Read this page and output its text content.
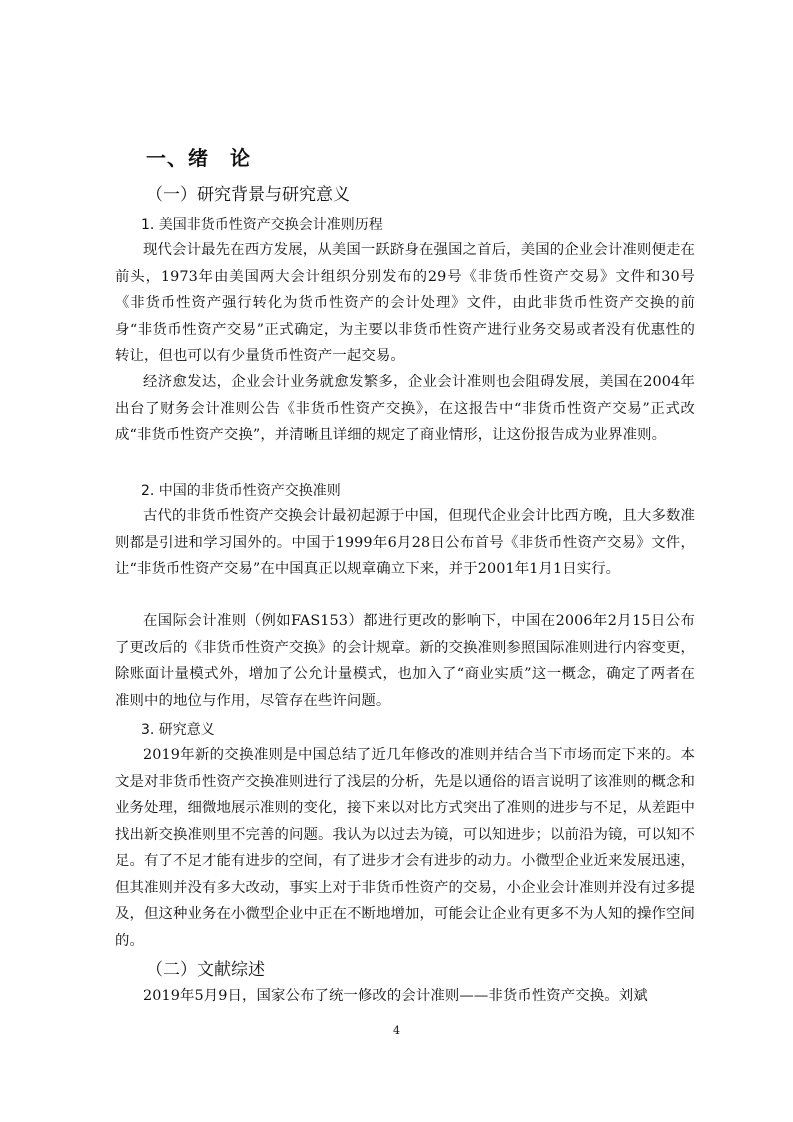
一、绪　论
（一）研究背景与研究意义
1. 美国非货币性资产交换会计准则历程

现代会计最先在西方发展，从美国一跃跻身在强国之首后，美国的企业会计准则便走在前头，1973年由美国两大会计组织分别发布的29号《非货币性资产交易》文件和30号《非货币性资产强行转化为货币性资产的会计处理》文件，由此非货币性资产交换的前身“非货币性资产交易”正式确定，为主要以非货币性资产进行业务交易或者没有优惠性的转让，但也可以有少量货币性资产一起交易。

经济愈发达，企业会计业务就愈发繁多，企业会计准则也会阻碍发展，美国在2004年出台了财务会计准则公告《非货币性资产交换》，在这报告中“非货币性资产交易”正式改成“非货币性资产交换”，并清晰且详细的规定了商业情形，让这份报告成为业界准则。

2. 中国的非货币性资产交换准则

古代的非货币性资产交换会计最初起源于中国，但现代企业会计比西方晚，且大多数准则都是引进和学习国外的。中国于1999年6月28日公布首号《非货币性资产交易》文件，让“非货币性资产交易”在中国真正以规章确立下来，并于2001年1月1日实行。

在国际会计准则（例如FAS153）都进行更改的影响下，中国在2006年2月15日公布了更改后的《非货币性资产交换》的会计规章。新的交换准则参照国际准则进行内容变更，除账面计量模式外，增加了公允计量模式，也加入了“商业实质”这一概念，确定了两者在准则中的地位与作用，尽管存在些许问题。

3. 研究意义

2019年新的交换准则是中国总结了近几年修改的准则并结合当下市场而定下来的。本文是对非货币性资产交换准则进行了浅层的分析，先是以通俗的语言说明了该准则的概念和业务处理，细微地展示准则的变化，接下来以对比方式突出了准则的进步与不足，从差距中找出新交换准则里不完善的问题。我认为以过去为镜，可以知进步；以前沿为镜，可以知不足。有了不足才能有进步的空间，有了进步才会有进步的动力。小微型企业近来发展迅速，但其准则并没有多大改动，事实上对于非货币性资产的交易，小企业会计准则并没有过多提及，但这种业务在小微型企业中正在不断地增加，可能会让企业有更多不为人知的操作空间的。

（二）文献综述

2019年5月9日，国家公布了统一修改的会计准则——非货币性资产交换。刘斌

4
